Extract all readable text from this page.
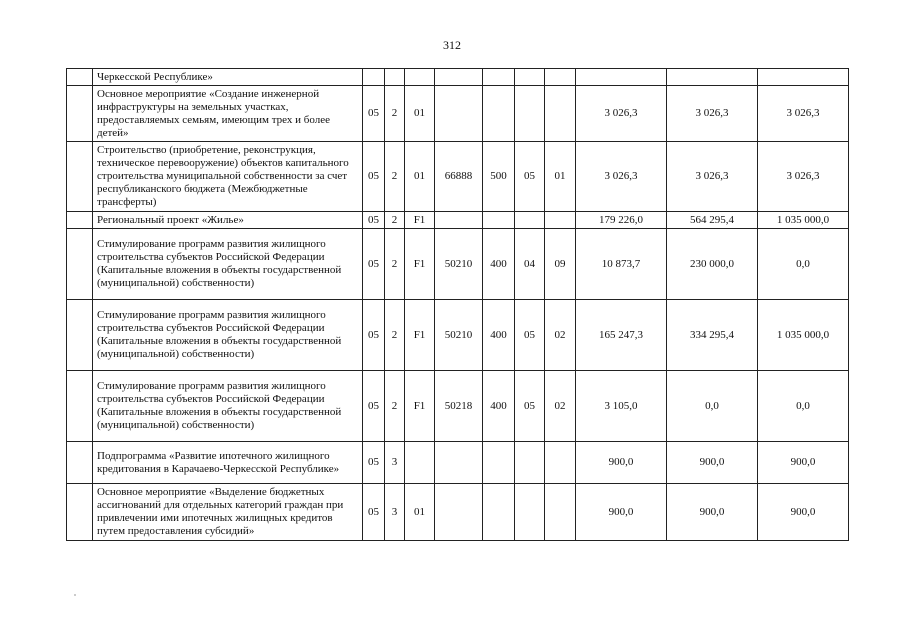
312
	Черкесской Республике»										
	Основное мероприятие «Создание инженерной инфраструктуры на земельных участках, предоставляемых семьям, имеющим трех и более детей»	05	2	01					3 026,3	3 026,3	3 026,3
	Строительство (приобретение, реконструкция, техническое перевооружение) объектов капитального строительства муниципальной собственности за счет республиканского бюджета (Межбюджетные трансферты)	05	2	01	66888	500	05	01	3 026,3	3 026,3	3 026,3
	Региональный проект «Жилье»	05	2	F1					179 226,0	564 295,4	1 035 000,0
	Стимулирование программ развития жилищного строительства субъектов Российской Федерации (Капитальные вложения в объекты государственной (муниципальной) собственности)	05	2	F1	50210	400	04	09	10 873,7	230 000,0	0,0
	Стимулирование программ развития жилищного строительства субъектов Российской Федерации (Капитальные вложения в объекты государственной (муниципальной) собственности)	05	2	F1	50210	400	05	02	165 247,3	334 295,4	1 035 000,0
	Стимулирование программ развития жилищного строительства субъектов Российской Федерации (Капитальные вложения в объекты государственной (муниципальной) собственности)	05	2	F1	50218	400	05	02	3 105,0	0,0	0,0
	Подпрограмма «Развитие ипотечного жилищного кредитования в Карачаево-Черкесской Республике»	05	3						900,0	900,0	900,0
	Основное мероприятие «Выделение бюджетных ассигнований для отдельных категорий граждан при привлечении ими ипотечных жилищных кредитов путем предоставления субсидий»	05	3	01					900,0	900,0	900,0
